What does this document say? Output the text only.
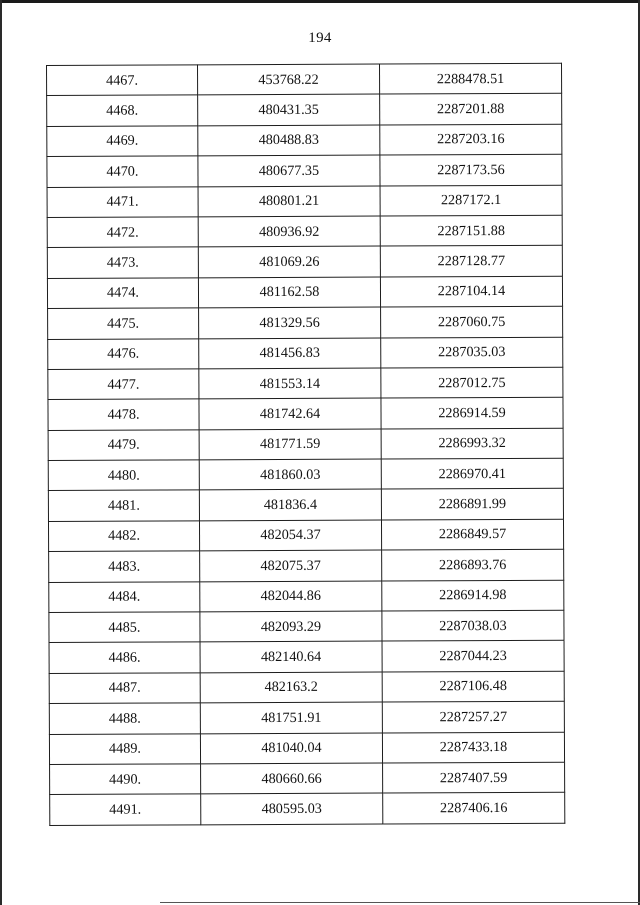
194
4467.	453768.22	2288478.51
4468.	480431.35	2287201.88
4469.	480488.83	2287203.16
4470.	480677.35	2287173.56
4471.	480801.21	2287172.1
4472.	480936.92	2287151.88
4473.	481069.26	2287128.77
4474.	481162.58	2287104.14
4475.	481329.56	2287060.75
4476.	481456.83	2287035.03
4477.	481553.14	2287012.75
4478.	481742.64	2286914.59
4479.	481771.59	2286993.32
4480.	481860.03	2286970.41
4481.	481836.4	2286891.99
4482.	482054.37	2286849.57
4483.	482075.37	2286893.76
4484.	482044.86	2286914.98
4485.	482093.29	2287038.03
4486.	482140.64	2287044.23
4487.	482163.2	2287106.48
4488.	481751.91	2287257.27
4489.	481040.04	2287433.18
4490.	480660.66	2287407.59
4491.	480595.03	2287406.16
